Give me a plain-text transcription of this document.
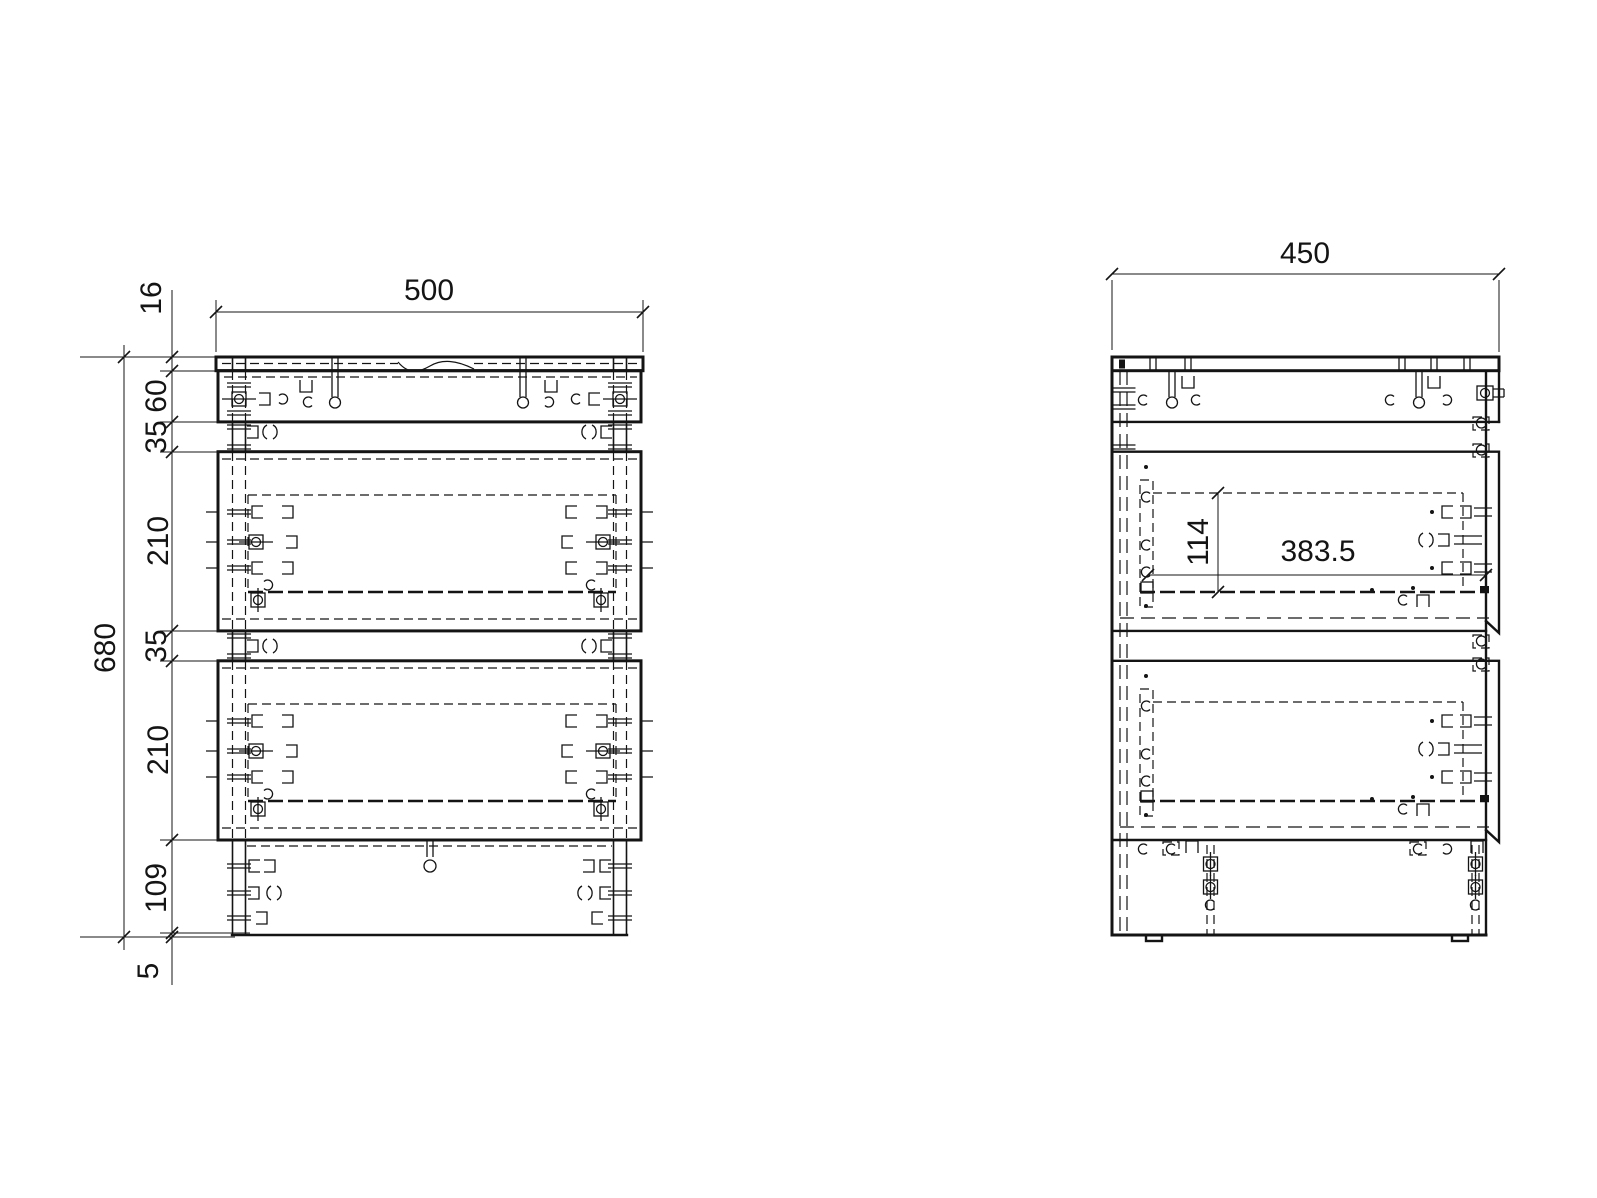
500
16
60
35
210
35
210
109
5
680
450
114 383.5
